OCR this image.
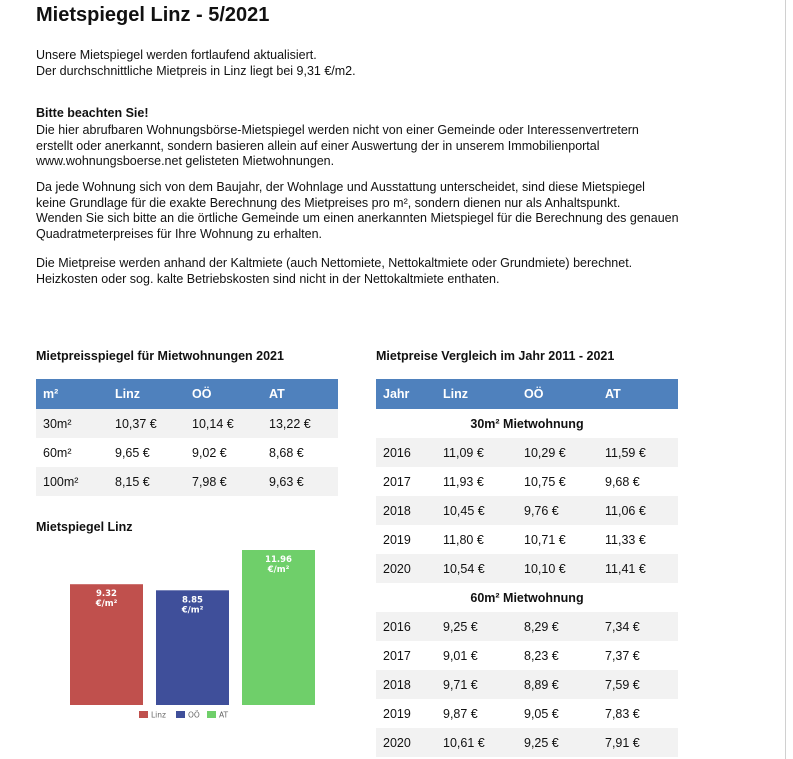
Mietspiegel Linz - 5/2021
Unsere Mietspiegel werden fortlaufend aktualisiert.
Der durchschnittliche Mietpreis in Linz liegt bei 9,31 €/m2.
Bitte beachten Sie!
Die hier abrufbaren Wohnungsbörse-Mietspiegel werden nicht von einer Gemeinde oder Interessenvertretern
erstellt oder anerkannt, sondern basieren allein auf einer Auswertung der in unserem Immobilienportal
www.wohnungsboerse.net gelisteten Mietwohnungen.
Da jede Wohnung sich von dem Baujahr, der Wohnlage und Ausstattung unterscheidet, sind diese Mietspiegel
keine Grundlage für die exakte Berechnung des Mietpreises pro m², sondern dienen nur als Anhaltspunkt.
Wenden Sie sich bitte an die örtliche Gemeinde um einen anerkannten Mietspiegel für die Berechnung des genauen
Quadratmeterpreises für Ihre Wohnung zu erhalten.
Die Mietpreise werden anhand der Kaltmiete (auch Nettomiete, Nettokaltmiete oder Grundmiete) berechnet.
Heizkosten oder sog. kalte Betriebskosten sind nicht in der Nettokaltmiete enthaten.
Mietpreisspiegel für Mietwohnungen 2021
m²	Linz	OÖ	AT
30m²	10,37 €	10,14 €	13,22 €
60m²	9,65 €	9,02 €	8,68 €
100m²	8,15 €	7,98 €	9,63 €
Mietspiegel Linz
9.32
€/m²	8.85
€/m²
11.96
€/m²
Linz	OÖ	AT
Mietpreise Vergleich im Jahr 2011 - 2021
Jahr	Linz	OÖ	AT
30m² Mietwohnung			
2016	11,09 €	10,29 €	11,59 €
2017	11,93 €	10,75 €	9,68 €
2018	10,45 €	9,76 €	11,06 €
2019	11,80 €	10,71 €	11,33 €
2020	10,54 €	10,10 €	11,41 €
60m² Mietwohnung			
2016	9,25 €	8,29 €	7,34 €
2017	9,01 €	8,23 €	7,37 €
2018	9,71 €	8,89 €	7,59 €
2019	9,87 €	9,05 €	7,83 €
2020	10,61 €	9,25 €	7,91 €
